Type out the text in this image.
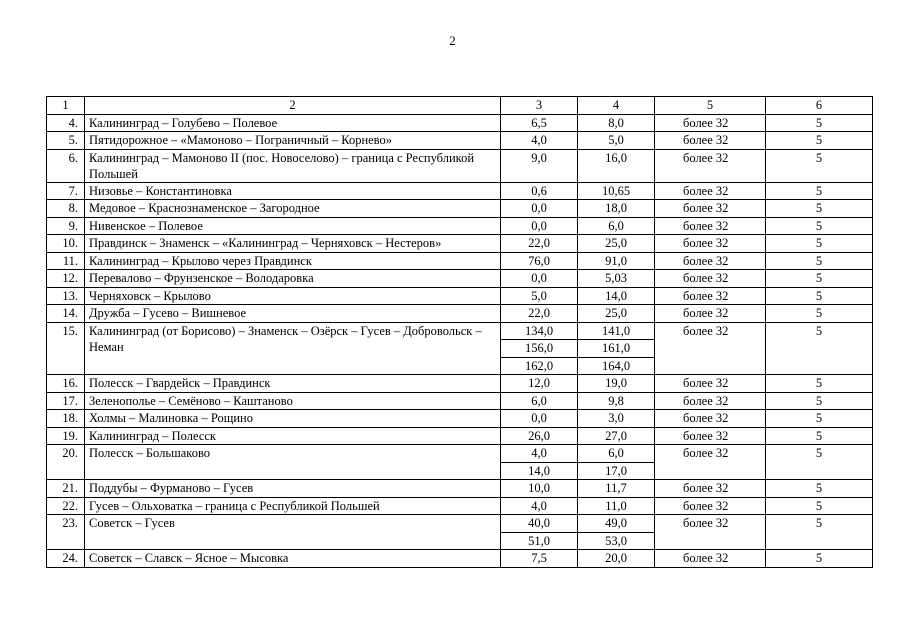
2
1	2	3	4	5	6
4.	Калининград – Голубево – Полевое	6,5	8,0	более 32	5
5.	Пятидорожное – «Мамоново – Пограничный – Корнево»	4,0	5,0	более 32	5
6.	Калининград – Мамоново II (пос. Новоселово) – граница с Республикой Польшей	9,0	16,0	более 32	5
7.	Низовье – Константиновка	0,6	10,65	более 32	5
8.	Медовое – Краснознаменское – Загородное	0,0	18,0	более 32	5
9.	Нивенское – Полевое	0,0	6,0	более 32	5
10.	Правдинск – Знаменск – «Калининград – Черняховск – Нестеров»	22,0	25,0	более 32	5
11.	Калининград – Крылово через Правдинск	76,0	91,0	более 32	5
12.	Перевалово – Фрунзенское – Володаровка	0,0	5,03	более 32	5
13.	Черняховск – Крылово	5,0	14,0	более 32	5
14.	Дружба – Гусево – Вишневое	22,0	25,0	более 32	5
15.	Калининград (от Борисово) – Знаменск – Озёрск – Гусев – Добровольск – Неман	134,0	141,0	более 32	5
		156,0	161,0		
		162,0	164,0		
16.	Полесск – Гвардейск – Правдинск	12,0	19,0	более 32	5
17.	Зеленополье – Семёново – Каштаново	6,0	9,8	более 32	5
18.	Холмы – Малиновка – Рощино	0,0	3,0	более 32	5
19.	Калининград – Полесск	26,0	27,0	более 32	5
20.	Полесск – Большаково	4,0	6,0	более 32	5
		14,0	17,0		
21.	Поддубы – Фурманово – Гусев	10,0	11,7	более 32	5
22.	Гусев – Ольховатка – граница с Республикой Польшей	4,0	11,0	более 32	5
23.	Советск – Гусев	40,0	49,0	более 32	5
		51,0	53,0		
24.	Советск – Славск – Ясное – Мысовка	7,5	20,0	более 32	5
